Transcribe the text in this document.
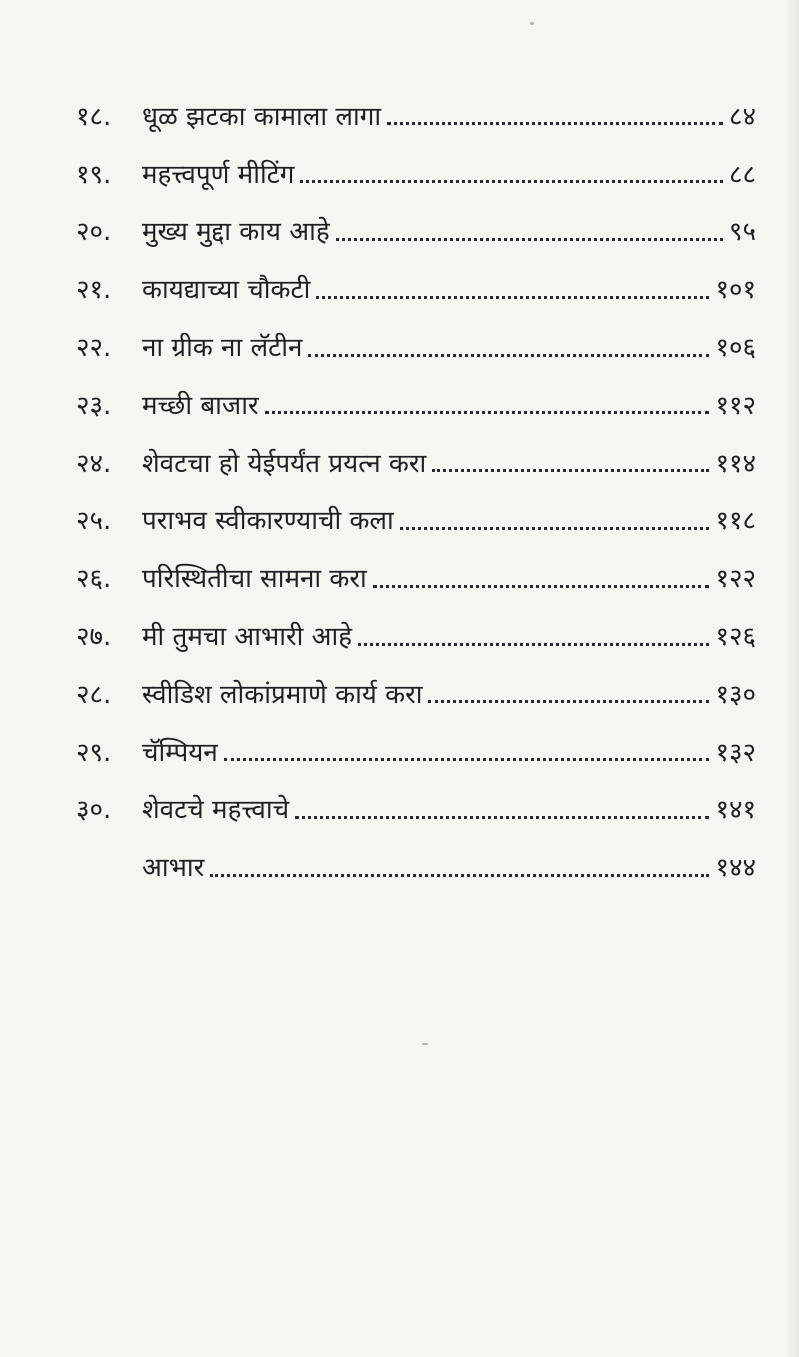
१८.	धूळ झटका कामाला लागा	८४
१९.	महत्त्वपूर्ण मीटिंग	८८
२०.	मुख्य मुद्दा काय आहे	९५
२१.	कायद्याच्या चौकटी	१०१
२२.	ना ग्रीक ना लॅटीन	१०६
२३.	मच्छी बाजार	११२
२४.	शेवटचा हो येईपर्यंत प्रयत्न करा	११४
२५.	पराभव स्वीकारण्याची कला	११८
२६.	परिस्थितीचा सामना करा	१२२
२७.	मी तुमचा आभारी आहे	१२६
२८.	स्वीडिश लोकांप्रमाणे कार्य करा	१३०
२९.	चॅम्पियन	१३२
३०.	शेवटचे महत्त्वाचे	१४१
आभार	१४४
